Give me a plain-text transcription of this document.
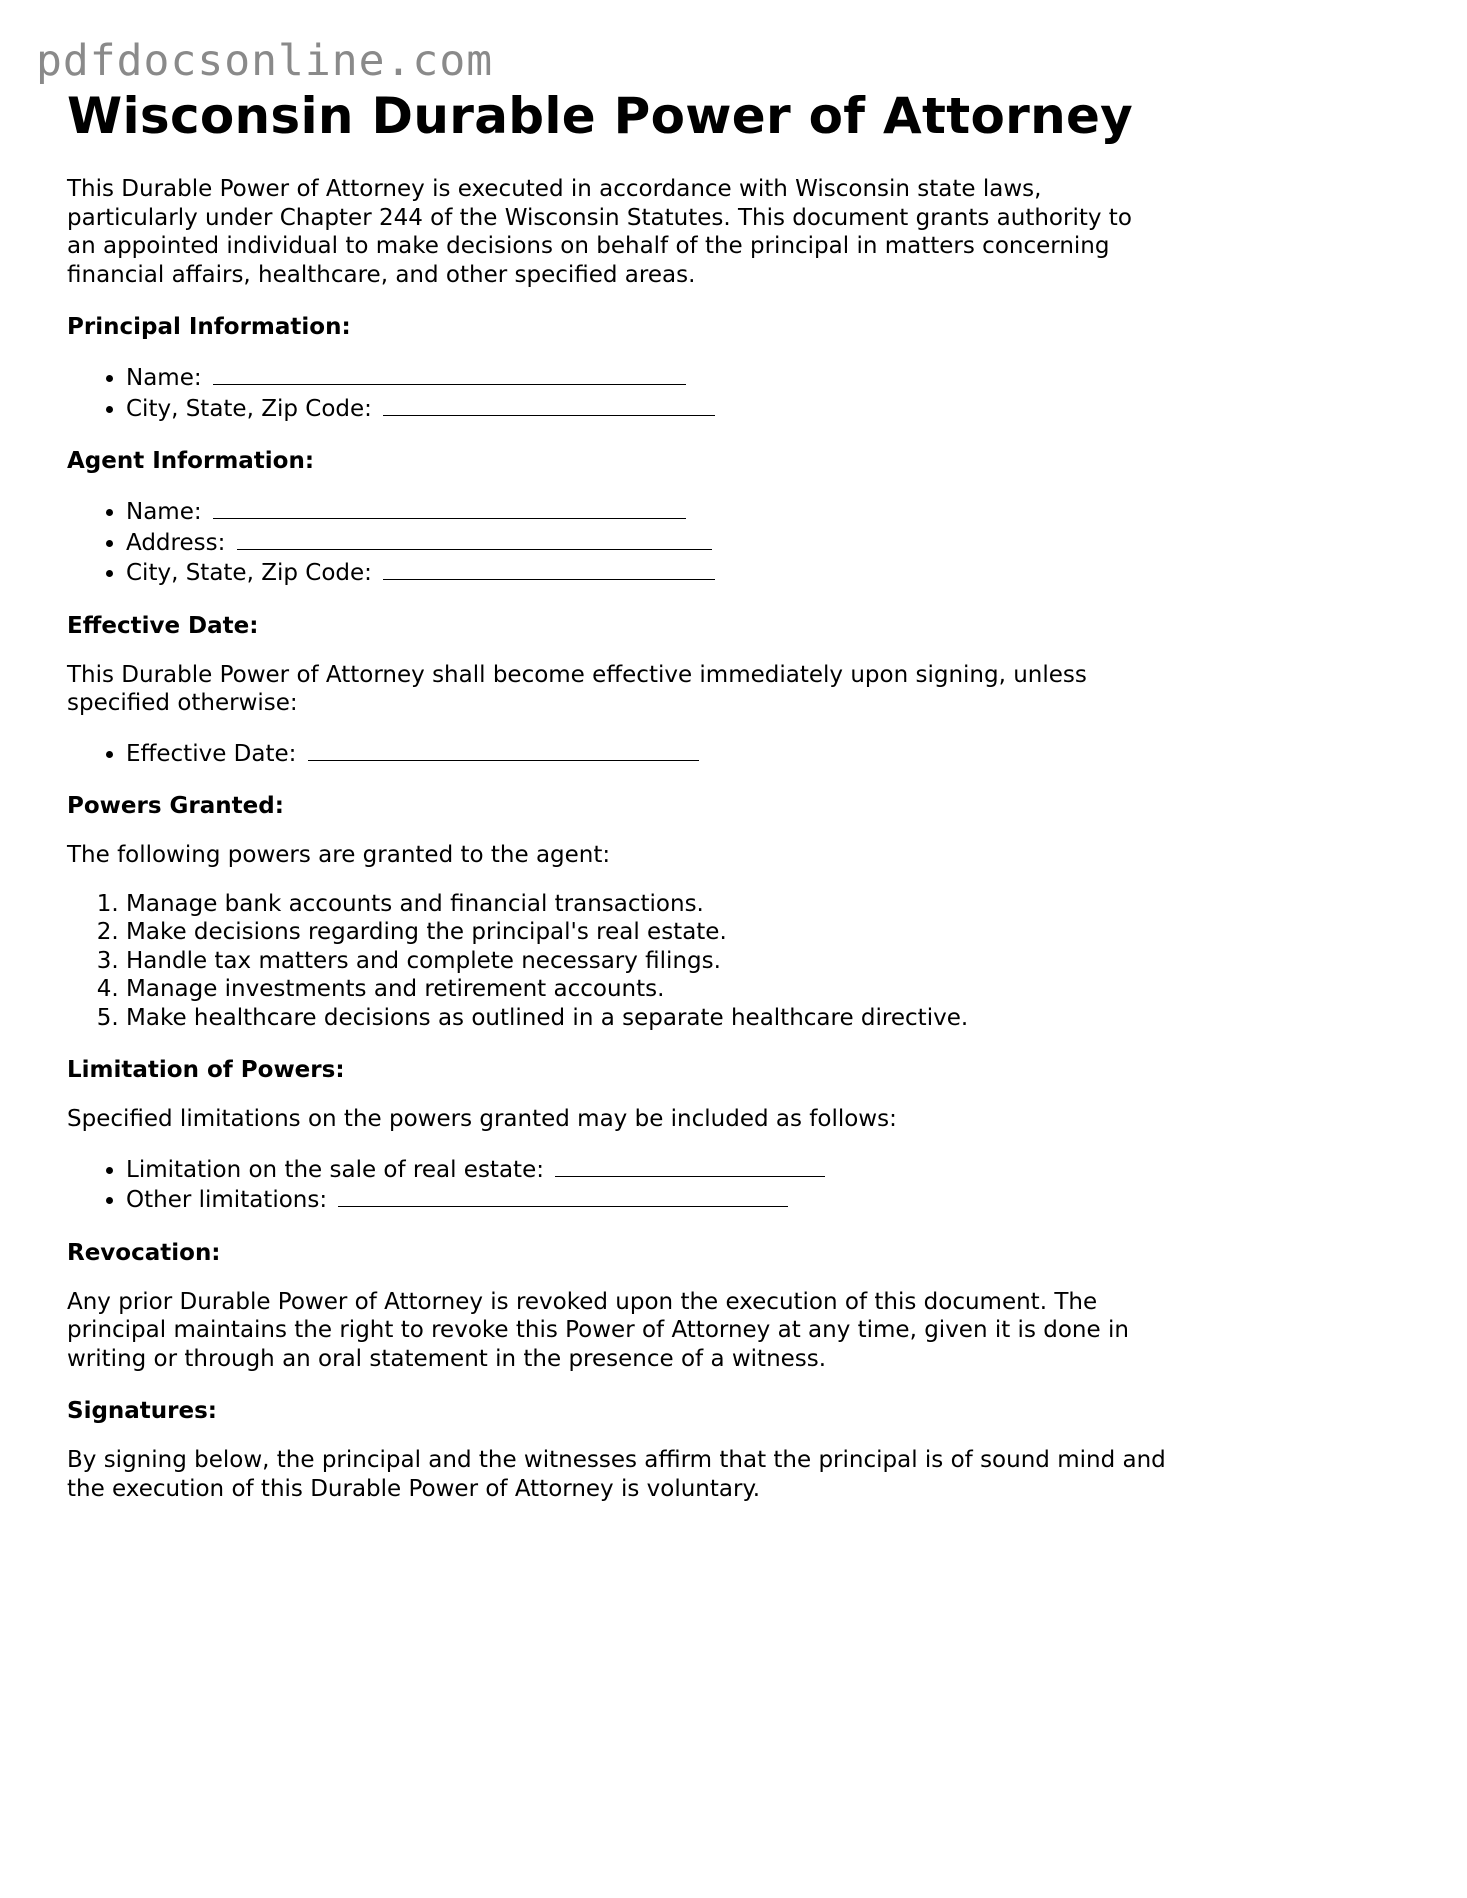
pdfdocsonline.com
Wisconsin Durable Power of Attorney

This Durable Power of Attorney is executed in accordance with Wisconsin state laws, particularly under Chapter 244 of the Wisconsin Statutes. This document grants authority to an appointed individual to make decisions on behalf of the principal in matters concerning financial affairs, healthcare, and other specified areas.

Principal Information:
• Name:
• City, State, Zip Code:
Agent Information:
• Name:
• Address:
• City, State, Zip Code:
Effective Date:

This Durable Power of Attorney shall become effective immediately upon signing, unless specified otherwise:

• Effective Date:
Powers Granted:

The following powers are granted to the agent:

1. Manage bank accounts and financial transactions.
2. Make decisions regarding the principal's real estate.
3. Handle tax matters and complete necessary filings.
4. Manage investments and retirement accounts.
5. Make healthcare decisions as outlined in a separate healthcare directive.
Limitation of Powers:

Specified limitations on the powers granted may be included as follows:

• Limitation on the sale of real estate:
• Other limitations:
Revocation:

Any prior Durable Power of Attorney is revoked upon the execution of this document. The principal maintains the right to revoke this Power of Attorney at any time, given it is done in writing or through an oral statement in the presence of a witness.

Signatures:

By signing below, the principal and the witnesses affirm that the principal is of sound mind and the execution of this Durable Power of Attorney is voluntary.
